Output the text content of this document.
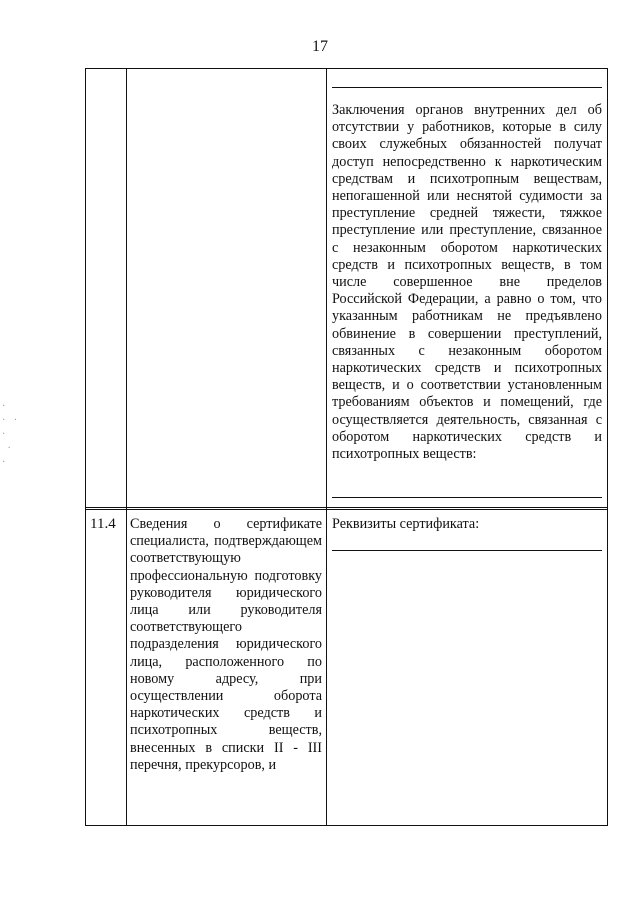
17
Заключения органов внутренних дел об отсутствии у работников, которые в силу своих служебных обязанностей получат доступ непосредственно к наркотическим средствам и психотропным веществам, непогашенной или неснятой судимости за преступление средней тяжести, тяжкое преступление или преступление, связанное с незаконным оборотом наркотических средств и психотропных веществ, в том числе совершенное вне пределов Российской Федерации, а равно о том, что указанным работникам не предъявлено обвинение в совершении преступлений, связанных с незаконным оборотом наркотических средств и психотропных веществ, и о соответствии установленным требованиям объектов и помещений, где осуществляется деятельность, связанная с оборотом наркотических средств и психотропных веществ:
11.4 Сведения о сертификате специалиста, подтверждающем соответствующую профессиональную подготовку руководителя юридического лица или руководителя соответствующего подразделения юридического лица, расположенного по новому адресу, при осуществлении оборота наркотических средств и психотропных веществ, внесенных в списки II - III перечня, прекурсоров, и
Реквизиты сертификата:
·
· ·
·
·
·
